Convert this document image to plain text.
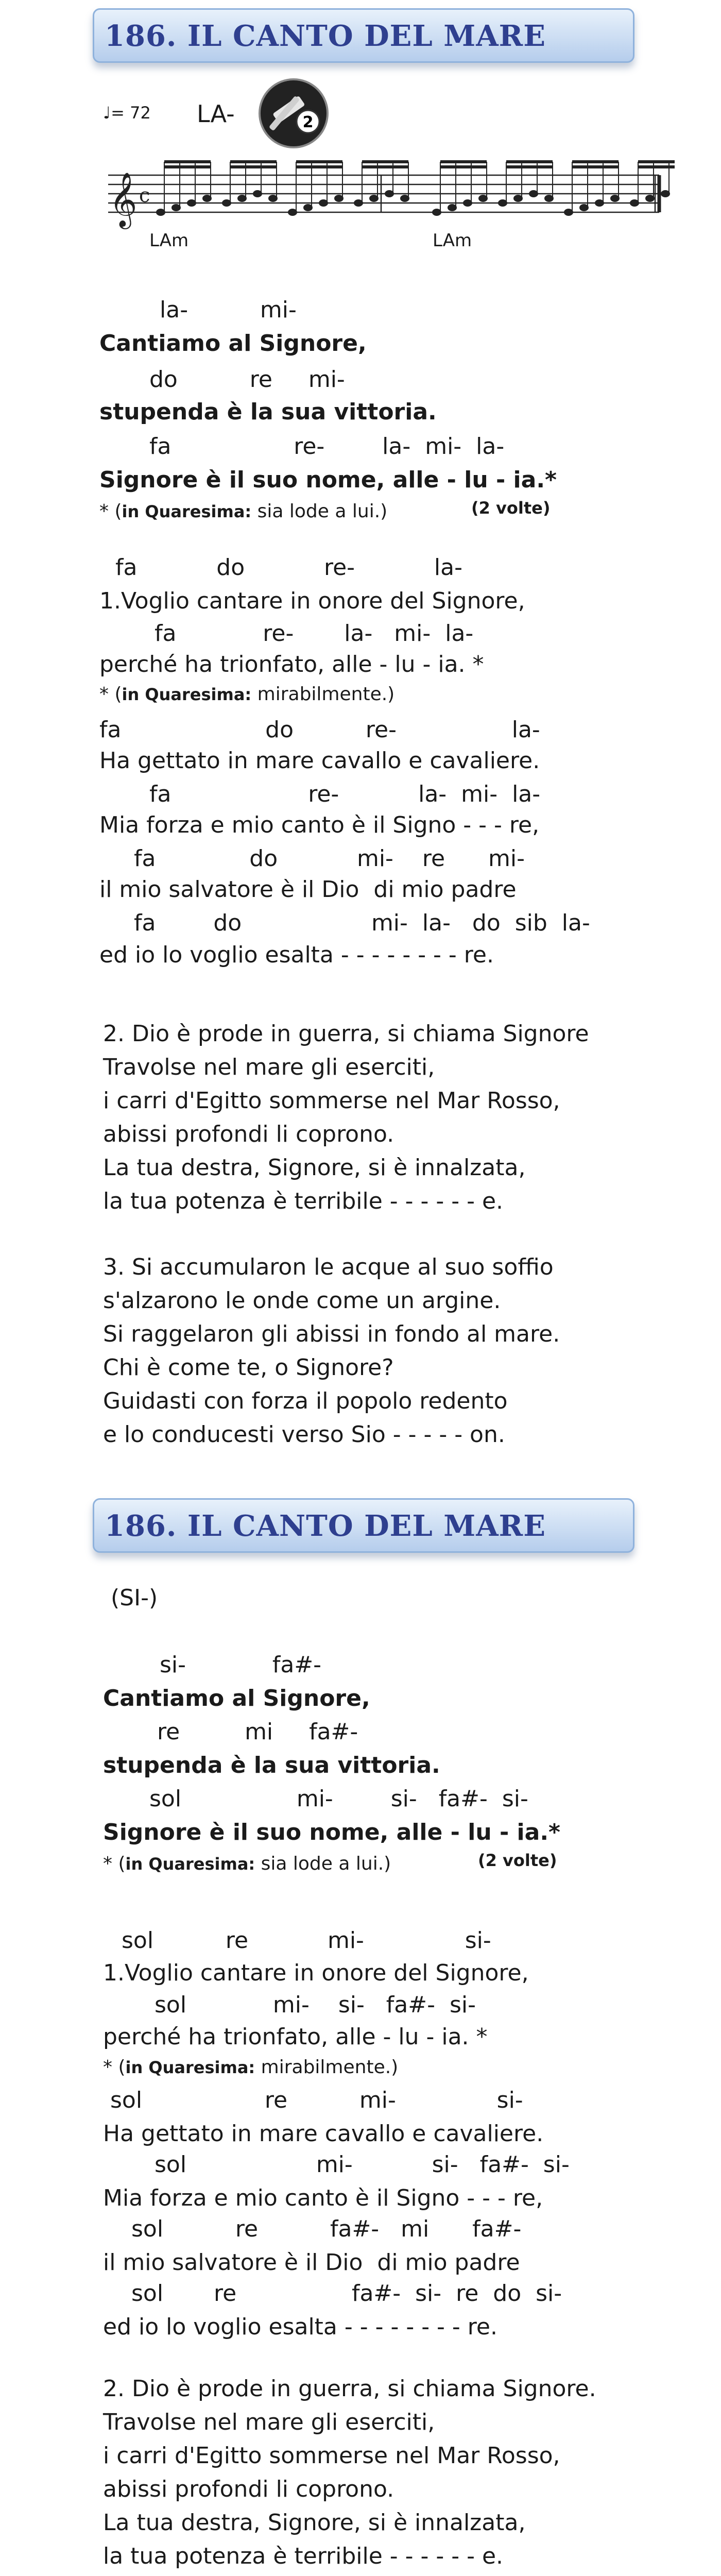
186. IL CANTO DEL MARE
♩= 72 LA-	2
𝄞 c
LAm	LAm
la-          mi-
Cantiamo al Signore,
do          re     mi-
stupenda è la sua vittoria.
fa                 re-        la-  mi-  la-
Signore è il suo nome, alle - lu - ia.*
* (in Quaresima: sia lode a lui.)	(2 volte)
fa           do           re-           la-
1.Voglio cantare in onore del Signore,
fa            re-       la-   mi-  la-
perché ha trionfato, alle - lu - ia. *
* (in Quaresima: mirabilmente.)
fa                    do          re-                la-
Ha gettato in mare cavallo e cavaliere.
fa                   re-           la-  mi-  la-
Mia forza e mio canto è il Signo - - - re,
fa             do           mi-    re      mi-
il mio salvatore è il Dio  di mio padre
fa        do                  mi-  la-   do  sib  la-
ed io lo voglio esalta - - - - - - - - re.
2. Dio è prode in guerra, si chiama Signore
Travolse nel mare gli eserciti,
i carri d'Egitto sommerse nel Mar Rosso,
abissi profondi li coprono.
La tua destra, Signore, si è innalzata,
la tua potenza è terribile - - - - - - e.
3. Si accumularon le acque al suo soffio
s'alzarono le onde come un argine.
Si raggelaron gli abissi in fondo al mare.
Chi è come te, o Signore?
Guidasti con forza il popolo redento
e lo conducesti verso Sio - - - - - on.
186. IL CANTO DEL MARE
(SI-)
si-            fa#-
Cantiamo al Signore,
re         mi     fa#-
stupenda è la sua vittoria.
sol                mi-        si-   fa#-  si-
Signore è il suo nome, alle - lu - ia.*
* (in Quaresima: sia lode a lui.)	(2 volte)
sol          re           mi-              si-
1.Voglio cantare in onore del Signore,
sol            mi-    si-   fa#-  si-
perché ha trionfato, alle - lu - ia. *
* (in Quaresima: mirabilmente.)
sol                 re          mi-              si-
Ha gettato in mare cavallo e cavaliere.
sol                  mi-           si-   fa#-  si-
Mia forza e mio canto è il Signo - - - re,
sol          re          fa#-   mi      fa#-
il mio salvatore è il Dio  di mio padre
sol       re                fa#-  si-  re  do  si-
ed io lo voglio esalta - - - - - - - - re.
2. Dio è prode in guerra, si chiama Signore.
Travolse nel mare gli eserciti,
i carri d'Egitto sommerse nel Mar Rosso,
abissi profondi li coprono.
La tua destra, Signore, si è innalzata,
la tua potenza è terribile - - - - - - e.
